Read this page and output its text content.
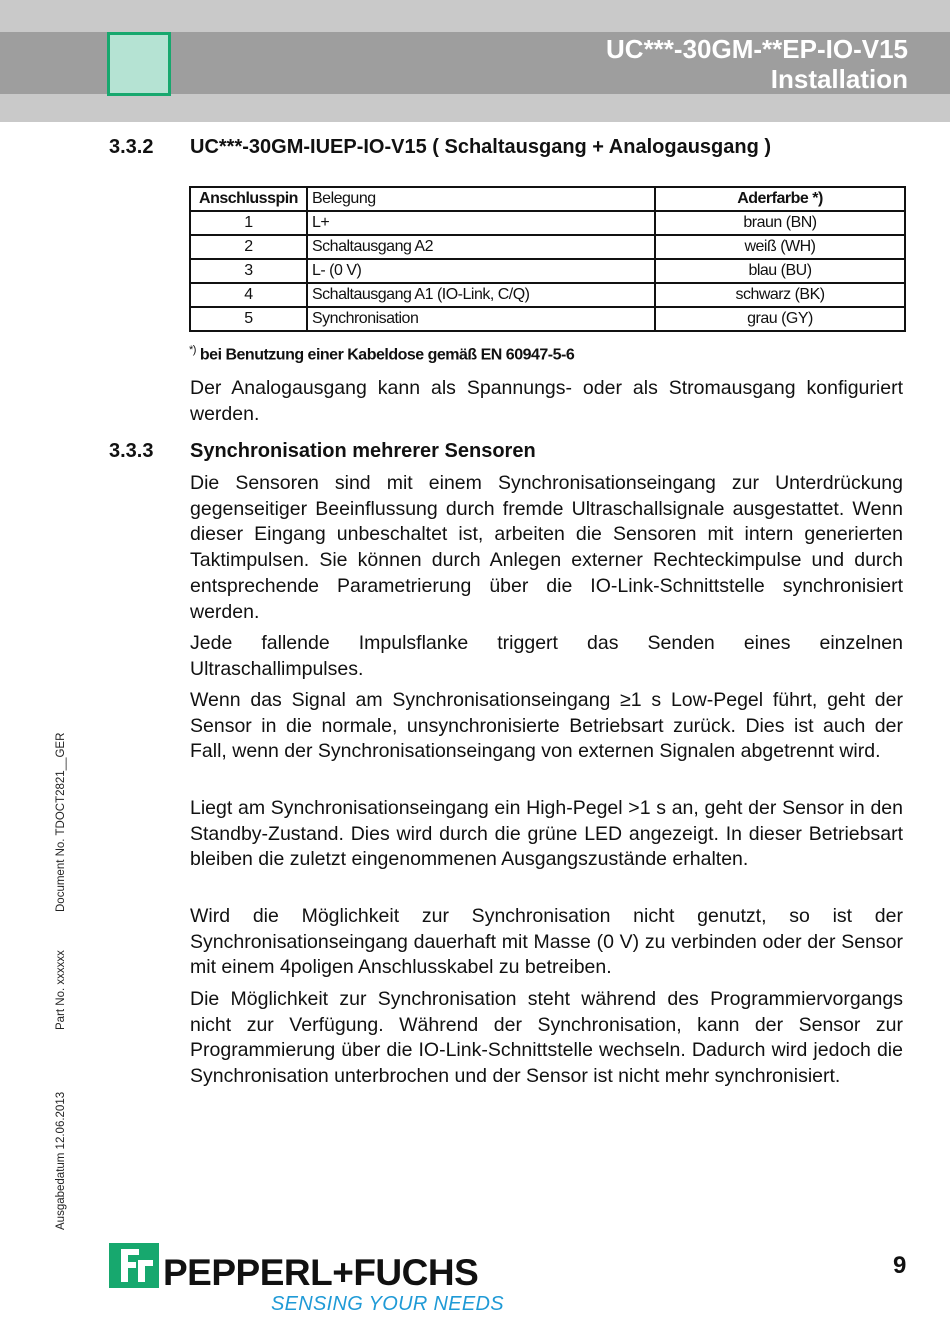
UC***-30GM-**EP-IO-V15
Installation
3.3.2 UC***-30GM-IUEP-IO-V15 ( Schaltausgang + Analogausgang )
Anschlusspin	Belegung	Aderfarbe *)
1	L+	braun (BN)
2	Schaltausgang A2	weiß (WH)
3	L- (0 V)	blau (BU)
4	Schaltausgang A1 (IO-Link, C/Q)	schwarz (BK)
5	Synchronisation	grau (GY)
*) bei Benutzung einer Kabeldose gemäß EN 60947-5-6

Der Analogausgang kann als Spannungs- oder als Stromausgang konfiguriert werden.

3.3.3 Synchronisation mehrerer Sensoren

Die Sensoren sind mit einem Synchronisationseingang zur Unterdrückung gegenseitiger Beeinflussung durch fremde Ultraschallsignale ausgestattet. Wenn dieser Eingang unbeschaltet ist, arbeiten die Sensoren mit intern generierten Taktimpulsen. Sie können durch Anlegen externer Rechteckimpulse und durch entsprechende Parametrierung über die IO-Link-Schnittstelle synchronisiert werden.

Jede fallende Impulsflanke triggert das Senden eines einzelnen Ultraschallimpulses.

Wenn das Signal am Synchronisationseingang ≥1 s Low-Pegel führt, geht der Sensor in die normale, unsynchronisierte Betriebsart zurück. Dies ist auch der Fall, wenn der Synchronisationseingang von externen Signalen abgetrennt wird.

Liegt am Synchronisationseingang ein High-Pegel >1 s an, geht der Sensor in den Standby-Zustand. Dies wird durch die grüne LED angezeigt. In dieser Betriebsart bleiben die zuletzt eingenommenen Ausgangszustände erhalten.

Wird die Möglichkeit zur Synchronisation nicht genutzt, so ist der Synchronisationseingang dauerhaft mit Masse (0 V) zu verbinden oder der Sensor mit einem 4poligen Anschlusskabel zu betreiben.

Die Möglichkeit zur Synchronisation steht während des Programmiervorgangs nicht zur Verfügung. Während der Synchronisation, kann der Sensor zur Programmierung über die IO-Link-Schnittstelle wechseln. Dadurch wird jedoch die Synchronisation unterbrochen und der Sensor ist nicht mehr synchronisiert.

Ausgabedatum 12.06.2013
Part No. xxxxxx
Document No. TDOCT2821__GER
PEPPERL+FUCHS
SENSING YOUR NEEDS
9
